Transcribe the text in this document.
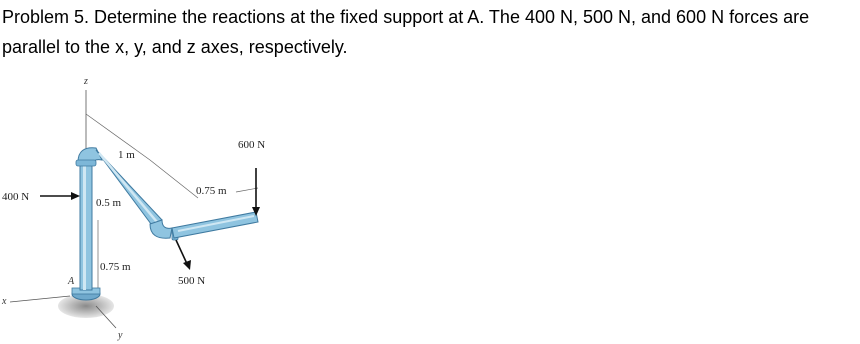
Problem 5. Determine the reactions at the fixed support at A. The 400 N, 500 N, and 600 N forces are
parallel to the x, y, and z axes, respectively.
z
x
y
400 N
500 N
600 N
1 m
0.5 m
0.75 m
0.75 m
A
